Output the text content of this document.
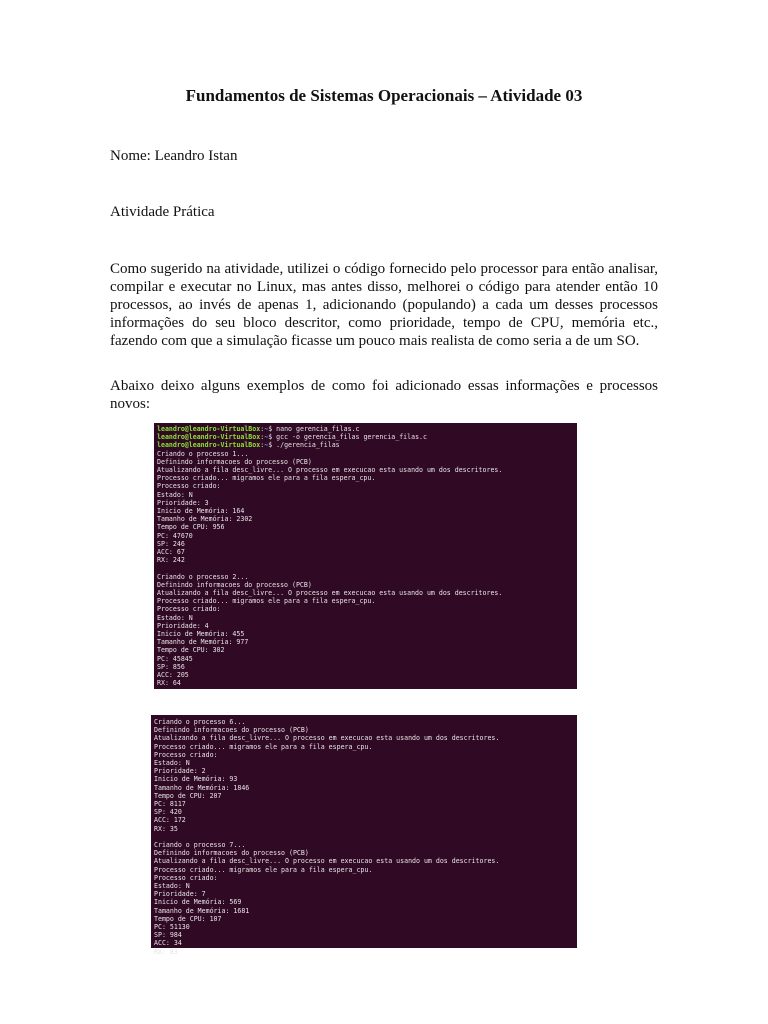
Fundamentos de Sistemas Operacionais – Atividade 03

Nome: Leandro Istan

Atividade Prática

Como sugerido na atividade, utilizei o código fornecido pelo processor para então analisar, compilar e executar no Linux, mas antes disso, melhorei o código para atender então 10 processos, ao invés de apenas 1, adicionando (populando) a cada um desses processos informações do seu bloco descritor, como prioridade, tempo de CPU, memória etc., fazendo com que a simulação ficasse um pouco mais realista de como seria a de um SO.

Abaixo deixo alguns exemplos de como foi adicionado essas informações e processos novos:

leandro@leandro-VirtualBox:~$ nano gerencia_filas.c
leandro@leandro-VirtualBox:~$ gcc -o gerencia_filas gerencia_filas.c
leandro@leandro-VirtualBox:~$ ./gerencia_filas
Criando o processo 1...
Definindo informacoes do processo (PCB)
Atualizando a fila desc_livre... O processo em execucao esta usando um dos descritores.
Processo criado... migramos ele para a fila espera_cpu.
Processo criado:
Estado: N
Prioridade: 3
Inicio de Memória: 164
Tamanho de Memória: 2302
Tempo de CPU: 956
PC: 47670
SP: 246
ACC: 67
RX: 242
Criando o processo 2...
Definindo informacoes do processo (PCB)
Atualizando a fila desc_livre... O processo em execucao esta usando um dos descritores.
Processo criado... migramos ele para a fila espera_cpu.
Processo criado:
Estado: N
Prioridade: 4
Inicio de Memória: 455
Tamanho de Memória: 977
Tempo de CPU: 302
PC: 45845
SP: 856
ACC: 205
RX: 64
Criando o processo 6...
Definindo informacoes do processo (PCB)
Atualizando a fila desc_livre... O processo em execucao esta usando um dos descritores.
Processo criado... migramos ele para a fila espera_cpu.
Processo criado:
Estado: N
Prioridade: 2
Inicio de Memória: 93
Tamanho de Memória: 1846
Tempo de CPU: 207
PC: 8117
SP: 420
ACC: 172
RX: 35
Criando o processo 7...
Definindo informacoes do processo (PCB)
Atualizando a fila desc_livre... O processo em execucao esta usando um dos descritores.
Processo criado... migramos ele para a fila espera_cpu.
Processo criado:
Estado: N
Prioridade: 7
Inicio de Memória: 569
Tamanho de Memória: 1681
Tempo de CPU: 107
PC: 51130
SP: 984
ACC: 34
RX: 83
